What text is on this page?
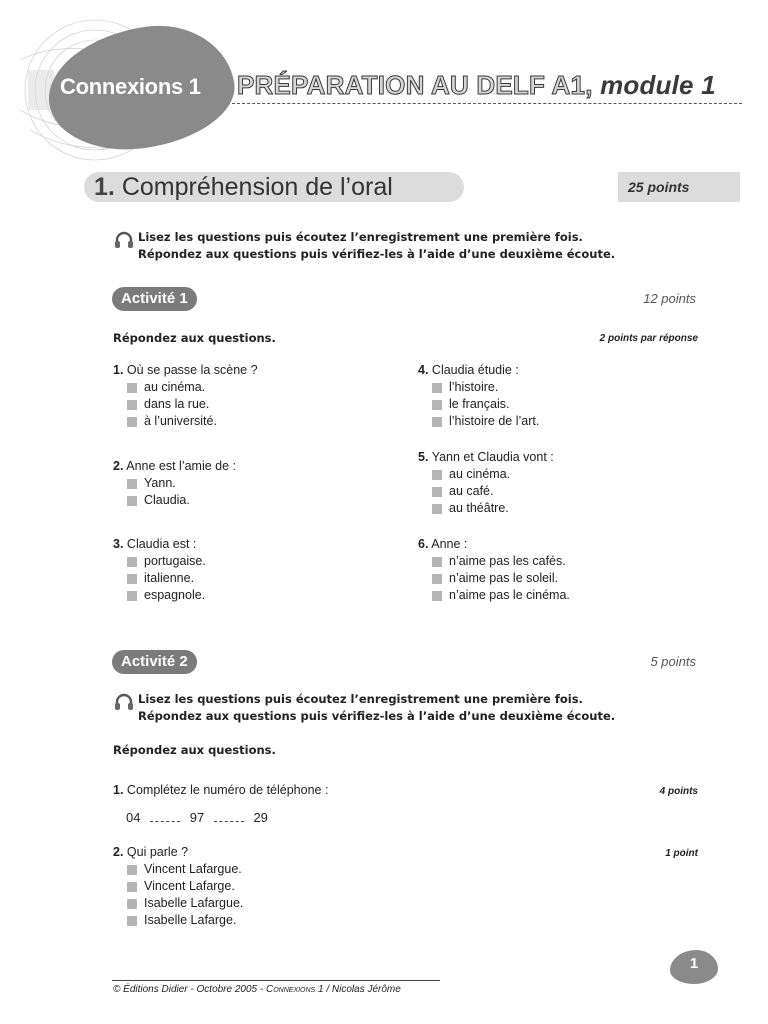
Connexions 1 PRÉPARATION AU DELF A1, module 1
1. Compréhension de l’oral	25 points
Lisez les questions puis écoutez l’enregistrement une première fois.
Répondez aux questions puis vérifiez-les à l’aide d’une deuxième écoute.
Activité 1	12 points
Répondez aux questions.	2 points par réponse
1. Où se passe la scène ?
au cinéma.
dans la rue.
à l’université.
2. Anne est l’amie de :
Yann.
Claudia.
3. Claudia est :
portugaise.
italienne.
espagnole.
4. Claudia étudie :
l’histoire.
le français.
l’histoire de l’art.
5. Yann et Claudia vont :
au cinéma.
au café.
au théâtre.
6. Anne :
n’aime pas les cafés.
n’aime pas le soleil.
n’aime pas le cinéma.
Activité 2	5 points
Lisez les questions puis écoutez l’enregistrement une première fois.
Répondez aux questions puis vérifiez-les à l’aide d’une deuxième écoute.
Répondez aux questions.
1. Complétez le numéro de téléphone :	4 points
04	97	29
2. Qui parle ?
Vincent Lafargue.
Vincent Lafarge.
Isabelle Lafargue.
Isabelle Lafarge.
1 point
© Éditions Didier - Octobre 2005 - Connexions 1 / Nicolas Jérôme
1
